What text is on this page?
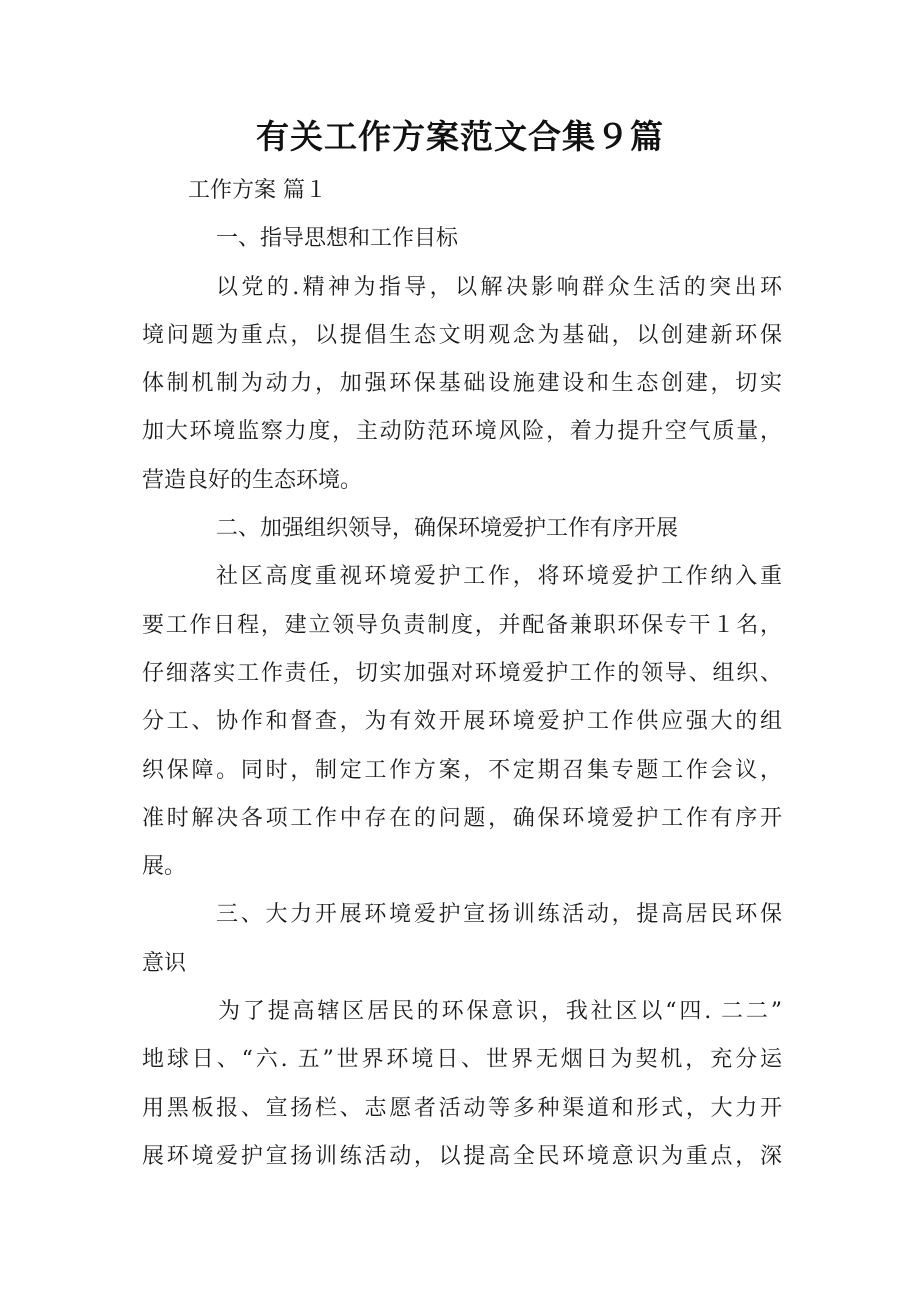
有关工作方案范文合集９篇
工作方案 篇１
一、指导思想和工作目标
以党的.精神为指导，以解决影响群众生活的突出环
境问题为重点，以提倡生态文明观念为基础，以创建新环保
体制机制为动力，加强环保基础设施建设和生态创建，切实
加大环境监察力度，主动防范环境风险，着力提升空气质量，
营造良好的生态环境。
二、加强组织领导，确保环境爱护工作有序开展
社区高度重视环境爱护工作，将环境爱护工作纳入重
要工作日程，建立领导负责制度，并配备兼职环保专干１名，
仔细落实工作责任，切实加强对环境爱护工作的领导、组织、
分工、协作和督查，为有效开展环境爱护工作供应强大的组
织保障。同时，制定工作方案，不定期召集专题工作会议，
准时解决各项工作中存在的问题，确保环境爱护工作有序开
展。
三、大力开展环境爱护宣扬训练活动，提高居民环保
意识
为了提高辖区居民的环保意识，我社区以“四. 二二”
地球日、“六. 五”世界环境日、世界无烟日为契机，充分运
用黑板报、宣扬栏、志愿者活动等多种渠道和形式，大力开
展环境爱护宣扬训练活动，以提高全民环境意识为重点，深
